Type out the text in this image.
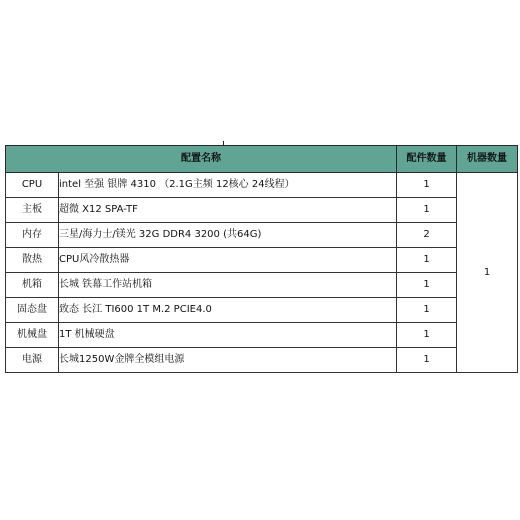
配置名称		配件数量	机器数量
CPU	intel 至强 银牌 4310 （2.1G主频 12核心 24线程）	1	1
主板	超微 X12 SPA-TF	1	
内存	三星/海力士/镁光 32G DDR4 3200 (共64G)	2	
散热	CPU风冷散热器	1	
机箱	长城 铁幕工作站机箱	1	
固态盘	致态 长江 TI600 1T M.2 PCIE4.0	1	
机械盘	1T 机械硬盘	1	
电源	长城1250W金牌全模组电源	1	
